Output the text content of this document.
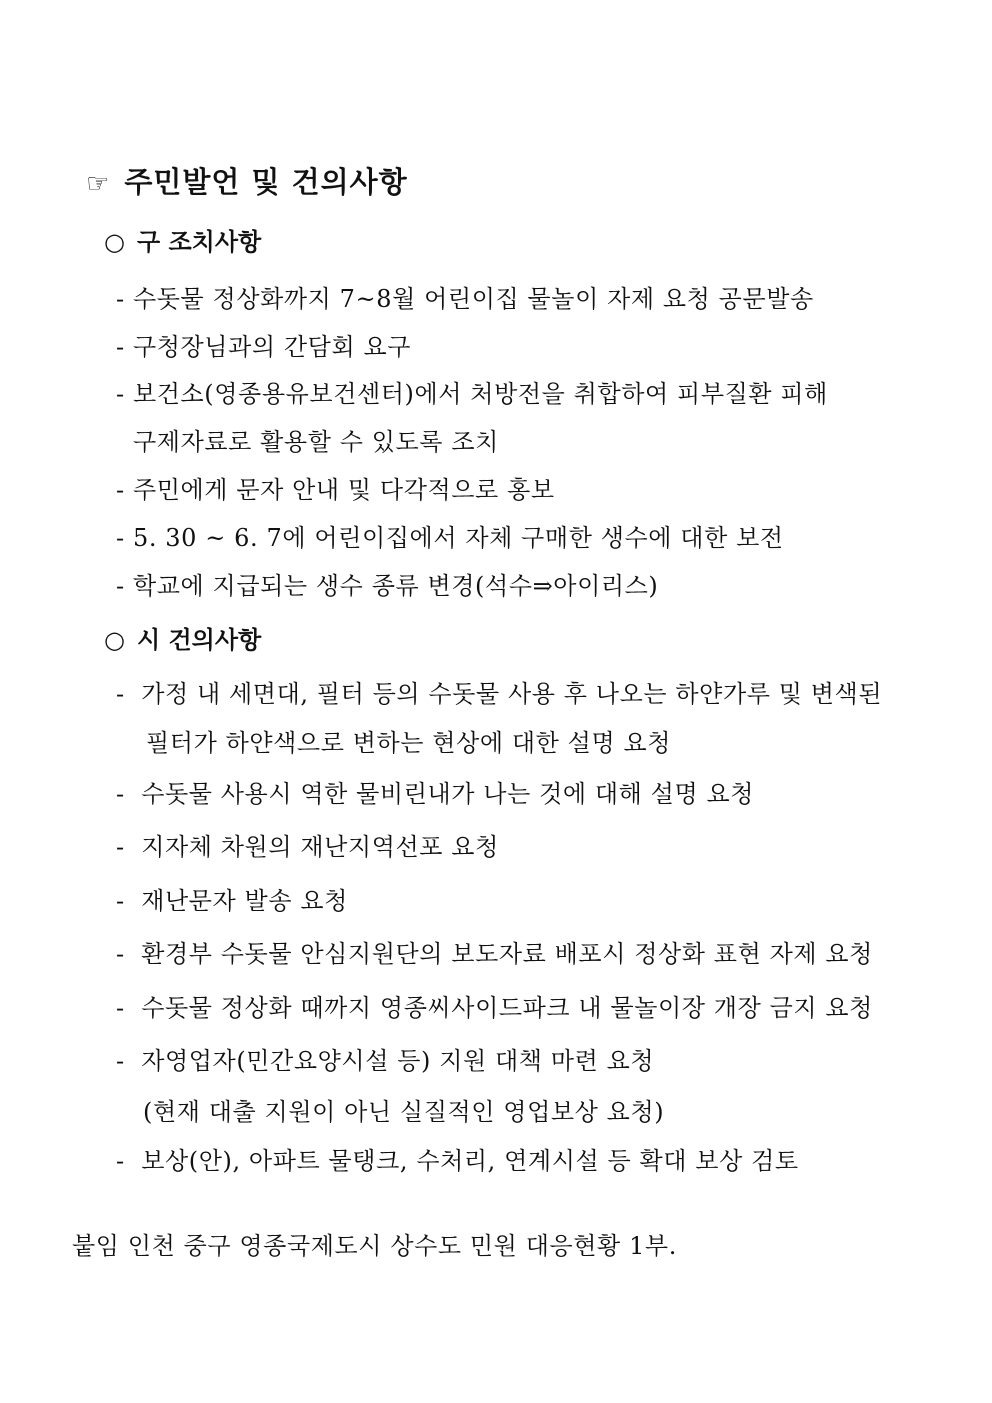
☞ 주민발언 및 건의사항
○ 구 조치사항
- 수돗물 정상화까지 7~8월 어린이집 물놀이 자제 요청 공문발송
- 구청장님과의 간담회 요구
- 보건소(영종용유보건센터)에서 처방전을 취합하여 피부질환 피해
구제자료로 활용할 수 있도록 조치
- 주민에게 문자 안내 및 다각적으로 홍보
- 5. 30 ~ 6. 7에 어린이집에서 자체 구매한 생수에 대한 보전
- 학교에 지급되는 생수 종류 변경(석수⇒아이리스)
○ 시 건의사항
- 가정 내 세면대, 필터 등의 수돗물 사용 후 나오는 하얀가루 및 변색된
필터가 하얀색으로 변하는 현상에 대한 설명 요청
- 수돗물 사용시 역한 물비린내가 나는 것에 대해 설명 요청
- 지자체 차원의 재난지역선포 요청
- 재난문자 발송 요청
- 환경부 수돗물 안심지원단의 보도자료 배포시 정상화 표현 자제 요청
- 수돗물 정상화 때까지 영종씨사이드파크 내 물놀이장 개장 금지 요청
- 자영업자(민간요양시설 등) 지원 대책 마련 요청
(현재 대출 지원이 아닌 실질적인 영업보상 요청)
- 보상(안), 아파트 물탱크, 수처리, 연계시설 등 확대 보상 검토
붙임 인천 중구 영종국제도시 상수도 민원 대응현황 1부.
